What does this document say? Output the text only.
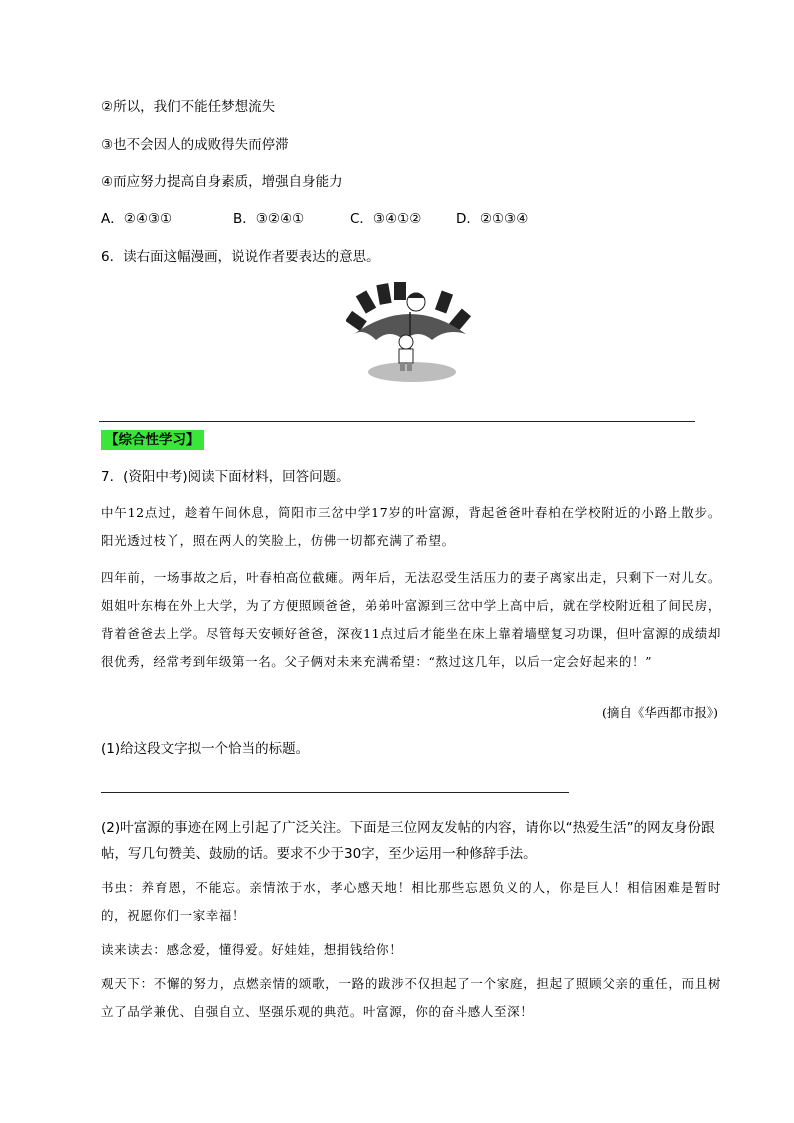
②所以，我们不能任梦想流失
③也不会因人的成败得失而停滞
④而应努力提高自身素质，增强自身能力
A．②④③①	B．③②④①	C．③④①②	D．②①③④
6．读右面这幅漫画，说说作者要表达的意思。
【综合性学习】
7．(资阳中考)阅读下面材料，回答问题。
中午12点过，趁着午间休息，简阳市三岔中学17岁的叶富源，背起爸爸叶春柏在学校附近的小路上散步。阳光透过枝丫，照在两人的笑脸上，仿佛一切都充满了希望。
四年前，一场事故之后，叶春柏高位截瘫。两年后，无法忍受生活压力的妻子离家出走，只剩下一对儿女。姐姐叶东梅在外上大学，为了方便照顾爸爸，弟弟叶富源到三岔中学上高中后，就在学校附近租了间民房，背着爸爸去上学。尽管每天安顿好爸爸，深夜11点过后才能坐在床上靠着墙壁复习功课，但叶富源的成绩却很优秀，经常考到年级第一名。父子俩对未来充满希望：“熬过这几年，以后一定会好起来的！”
(摘自《华西都市报》)
(1)给这段文字拟一个恰当的标题。
(2)叶富源的事迹在网上引起了广泛关注。下面是三位网友发帖的内容，请你以“热爱生活”的网友身份跟帖，写几句赞美、鼓励的话。要求不少于30字，至少运用一种修辞手法。
书虫：养育恩，不能忘。亲情浓于水，孝心感天地！相比那些忘恩负义的人，你是巨人！相信困难是暂时的，祝愿你们一家幸福！
读来读去：感念爱，懂得爱。好娃娃，想捐钱给你！
观天下：不懈的努力，点燃亲情的颂歌，一路的跋涉不仅担起了一个家庭，担起了照顾父亲的重任，而且树立了品学兼优、自强自立、坚强乐观的典范。叶富源，你的奋斗感人至深！
